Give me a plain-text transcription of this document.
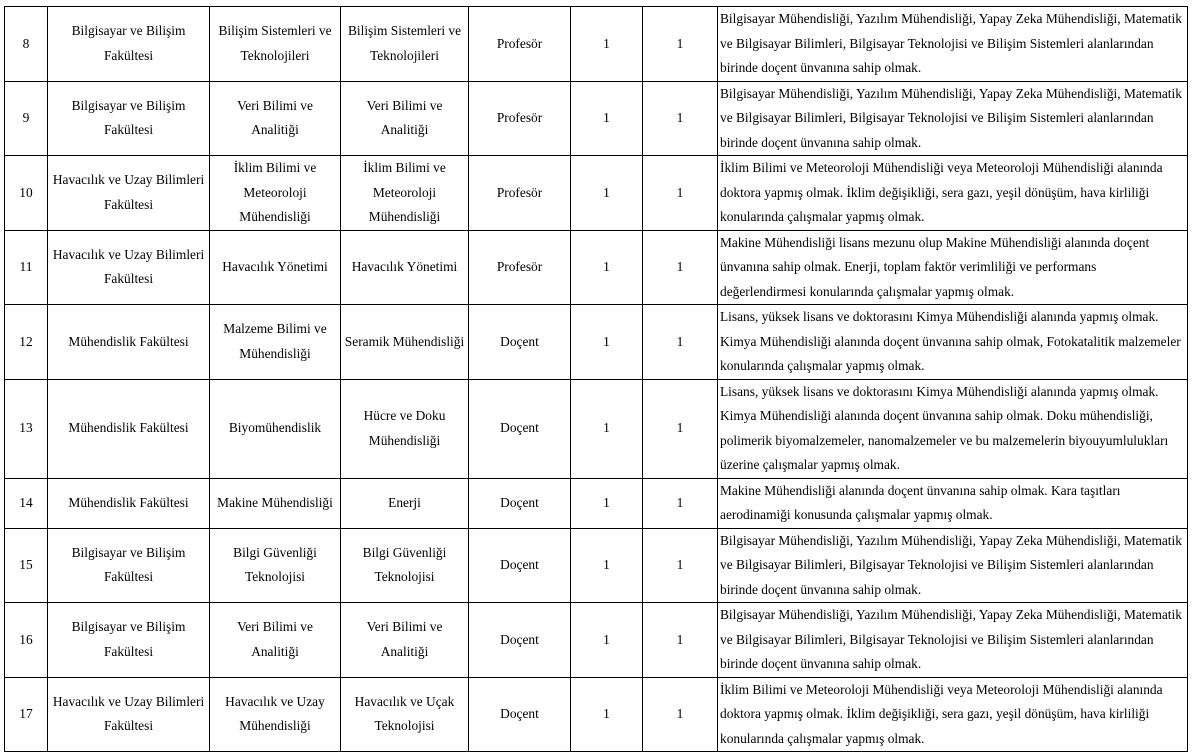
8	Bilgisayar ve Bilişim Fakültesi	Bilişim Sistemleri ve Teknolojileri	Bilişim Sistemleri ve Teknolojileri	Profesör	1	1	Bilgisayar Mühendisliği, Yazılım Mühendisliği, Yapay Zeka Mühendisliği, Matematik ve Bilgisayar Bilimleri, Bilgisayar Teknolojisi ve Bilişim Sistemleri alanlarından birinde doçent ünvanına sahip olmak.
9	Bilgisayar ve Bilişim Fakültesi	Veri Bilimi ve Analitiği	Veri Bilimi ve Analitiği	Profesör	1	1	Bilgisayar Mühendisliği, Yazılım Mühendisliği, Yapay Zeka Mühendisliği, Matematik ve Bilgisayar Bilimleri, Bilgisayar Teknolojisi ve Bilişim Sistemleri alanlarından birinde doçent ünvanına sahip olmak.
10	Havacılık ve Uzay Bilimleri Fakültesi	İklim Bilimi ve Meteoroloji Mühendisliği	İklim Bilimi ve Meteoroloji Mühendisliği	Profesör	1	1	İklim Bilimi ve Meteoroloji Mühendisliği veya Meteoroloji Mühendisliği alanında doktora yapmış olmak. İklim değişikliği, sera gazı, yeşil dönüşüm, hava kirliliği konularında çalışmalar yapmış olmak.
11	Havacılık ve Uzay Bilimleri Fakültesi	Havacılık Yönetimi	Havacılık Yönetimi	Profesör	1	1	Makine Mühendisliği lisans mezunu olup Makine Mühendisliği alanında doçent ünvanına sahip olmak. Enerji, toplam faktör verimliliği ve performans değerlendirmesi konularında çalışmalar yapmış olmak.
12	Mühendislik Fakültesi	Malzeme Bilimi ve Mühendisliği	Seramik Mühendisliği	Doçent	1	1	Lisans, yüksek lisans ve doktorasını Kimya Mühendisliği alanında yapmış olmak. Kimya Mühendisliği alanında doçent ünvanına sahip olmak, Fotokatalitik malzemeler konularında çalışmalar yapmış olmak.
13	Mühendislik Fakültesi	Biyomühendislik	Hücre ve Doku Mühendisliği	Doçent	1	1	Lisans, yüksek lisans ve doktorasını Kimya Mühendisliği alanında yapmış olmak. Kimya Mühendisliği alanında doçent ünvanına sahip olmak. Doku mühendisliği, polimerik biyomalzemeler, nanomalzemeler ve bu malzemelerin biyouyumlulukları üzerine çalışmalar yapmış olmak.
14	Mühendislik Fakültesi	Makine Mühendisliği	Enerji	Doçent	1	1	Makine Mühendisliği alanında doçent ünvanına sahip olmak. Kara taşıtları aerodinamiği konusunda çalışmalar yapmış olmak.
15	Bilgisayar ve Bilişim Fakültesi	Bilgi Güvenliği Teknolojisi	Bilgi Güvenliği Teknolojisi	Doçent	1	1	Bilgisayar Mühendisliği, Yazılım Mühendisliği, Yapay Zeka Mühendisliği, Matematik ve Bilgisayar Bilimleri, Bilgisayar Teknolojisi ve Bilişim Sistemleri alanlarından birinde doçent ünvanına sahip olmak.
16	Bilgisayar ve Bilişim Fakültesi	Veri Bilimi ve Analitiği	Veri Bilimi ve Analitiği	Doçent	1	1	Bilgisayar Mühendisliği, Yazılım Mühendisliği, Yapay Zeka Mühendisliği, Matematik ve Bilgisayar Bilimleri, Bilgisayar Teknolojisi ve Bilişim Sistemleri alanlarından birinde doçent ünvanına sahip olmak.
17	Havacılık ve Uzay Bilimleri Fakültesi	Havacılık ve Uzay Mühendisliği	Havacılık ve Uçak Teknolojisi	Doçent	1	1	İklim Bilimi ve Meteoroloji Mühendisliği veya Meteoroloji Mühendisliği alanında doktora yapmış olmak. İklim değişikliği, sera gazı, yeşil dönüşüm, hava kirliliği konularında çalışmalar yapmış olmak.
